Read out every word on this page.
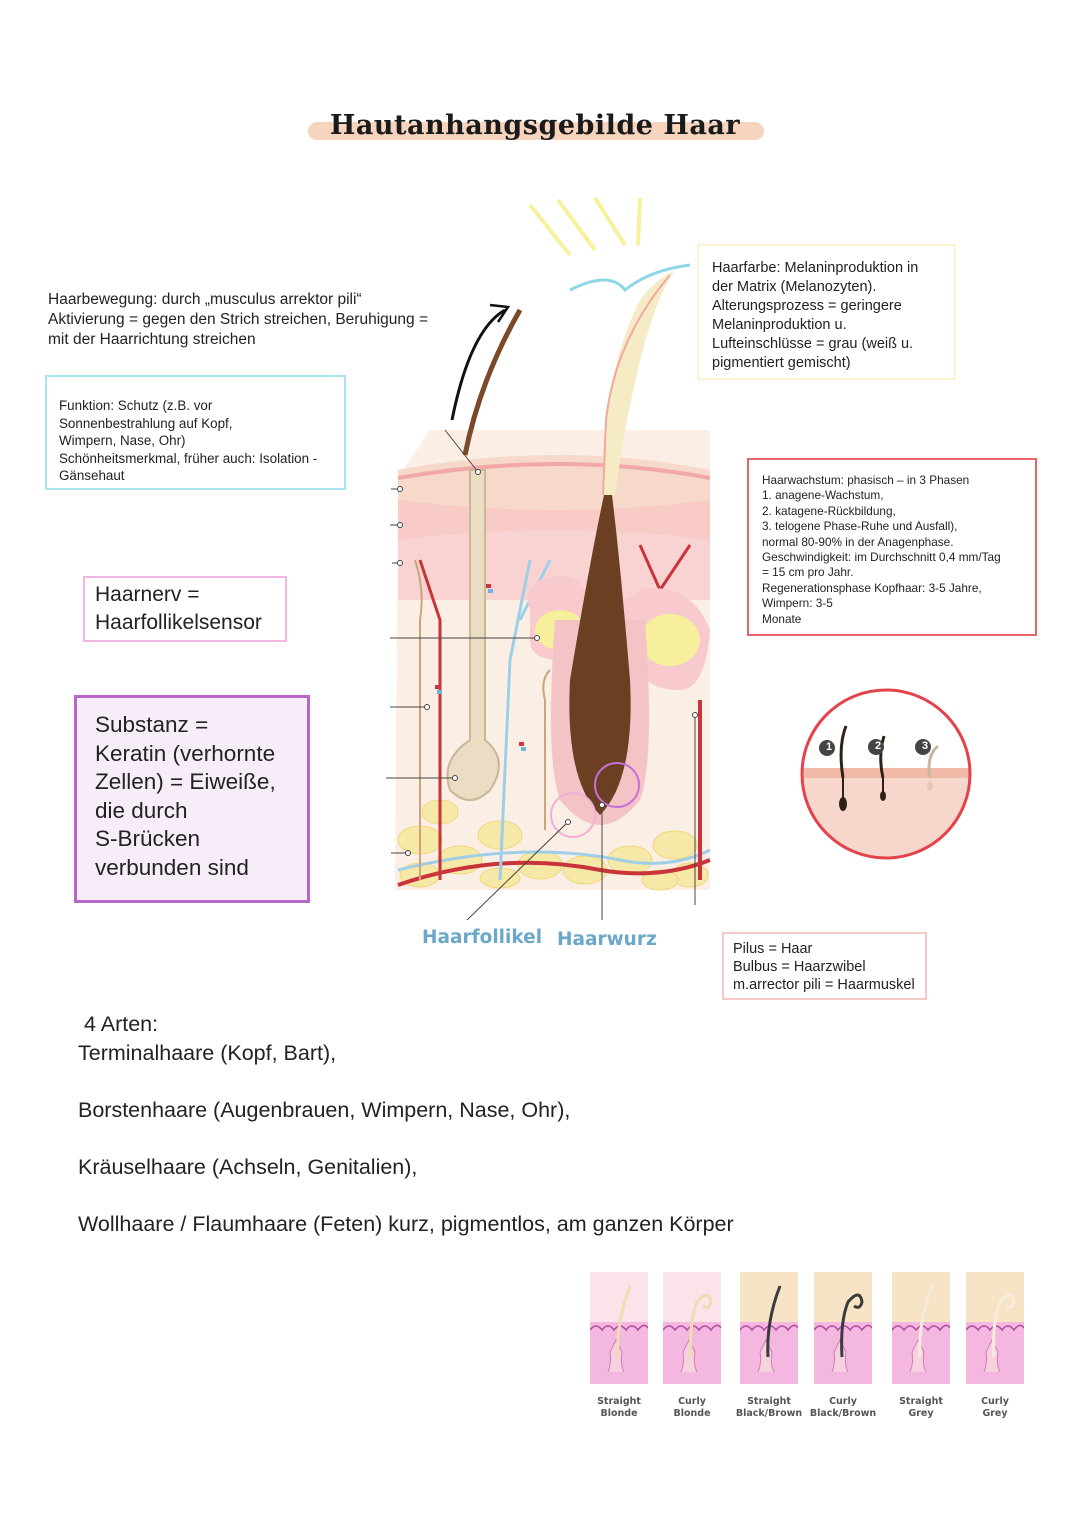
Hautanhangsgebilde Haar
Haarbewegung: durch „musculus arrektor pili“
Aktivierung = gegen den Strich streichen, Beruhigung =
mit der Haarrichtung streichen
Funktion: Schutz (z.B. vor
Sonnenbestrahlung auf Kopf,
Wimpern, Nase, Ohr)
Schönheitsmerkmal, früher auch: Isolation -
Gänsehaut
Haarnerv =
Haarfollikelsensor
Substanz =
Keratin (verhornte
Zellen) = Eiweiße,
die durch
S-Brücken
verbunden sind
Haarfarbe: Melaninproduktion in
der Matrix (Melanozyten).
Alterungsprozess = geringere
Melaninproduktion u.
Lufteinschlüsse = grau (weiß u.
pigmentiert gemischt)
Haarwachstum: phasisch – in 3 Phasen
1. anagene-Wachstum,
2. katagene-Rückbildung,
3. telogene Phase-Ruhe und Ausfall),
normal 80-90% in der Anagenphase.
Geschwindigkeit: im Durchschnitt 0,4 mm/Tag
= 15 cm pro Jahr.
Regenerationsphase Kopfhaar: 3-5 Jahre,
Wimpern: 3-5
Monate
Pilus = Haar
Bulbus = Haarzwibel
m.arrector pili = Haarmuskel
Haarfollikel Haarwurz
1	2	3
4 Arten:
Terminalhaare (Kopf, Bart),
Borstenhaare (Augenbrauen, Wimpern, Nase, Ohr),
Kräuselhaare (Achseln, Genitalien),
Wollhaare / Flaumhaare (Feten) kurz, pigmentlos, am ganzen Körper
Straight
Blonde
Curly
Blonde
Straight
Black/Brown
Curly
Black/Brown
Straight
Grey
Curly
Grey
